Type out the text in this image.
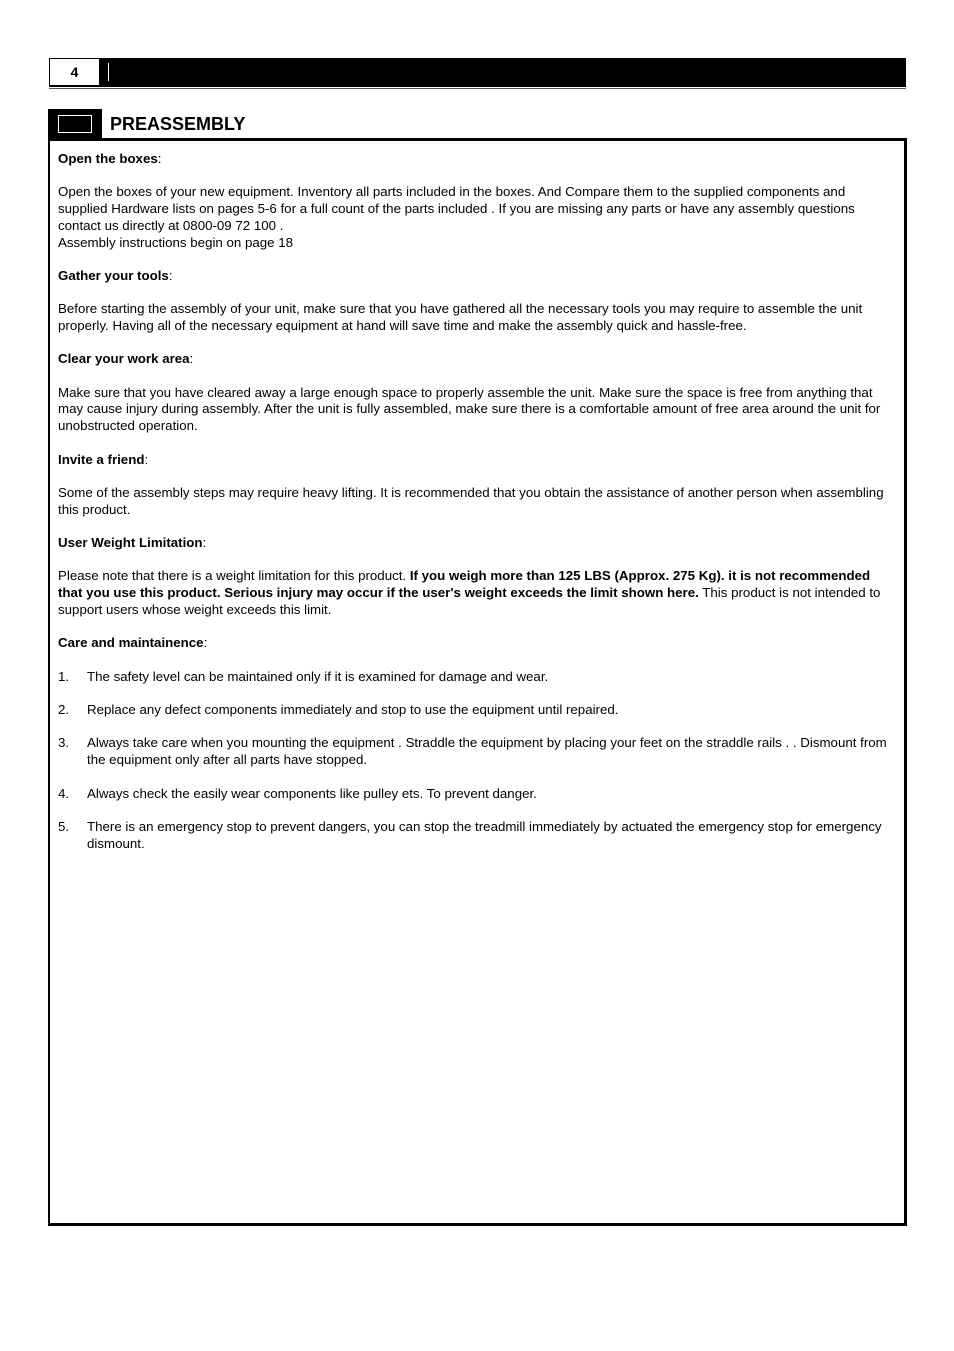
4
PREASSEMBLY

Open the boxes:

Open the boxes of your new equipment. Inventory all parts included in the boxes. And Compare them to the supplied components and supplied Hardware lists on pages 5-6 for a full count of the parts included . If you are missing any parts or have any assembly questions contact us directly at 0800-09 72 100 .
Assembly instructions begin on page 18

Gather your tools:

Before starting the assembly of your unit, make sure that you have gathered all the necessary tools you may require to assemble the unit properly. Having all of the necessary equipment at hand will save time and make the assembly quick and hassle-free.

Clear your work area:

Make sure that you have cleared away a large enough space to properly assemble the unit. Make sure the space is free from anything that may cause injury during assembly. After the unit is fully assembled, make sure there is a comfortable amount of free area around the unit for unobstructed operation.

Invite a friend:

Some of the assembly steps may require heavy lifting. It is recommended that you obtain the assistance of another person when assembling this product.

User Weight Limitation:

Please note that there is a weight limitation for this product. If you weigh more than 125 LBS (Approx. 275 Kg). it is not recommended that you use this product. Serious injury may occur if the user's weight exceeds the limit shown here. This product is not intended to support users whose weight exceeds this limit.

Care and maintainence:

1. The safety level can be maintained only if it is examined for damage and wear.
2. Replace any defect components immediately and stop to use the equipment until repaired.
3. Always take care when you mounting the equipment . Straddle the equipment by placing your feet on the straddle rails . . Dismount from the equipment only after all parts have stopped.
4. Always check the easily wear components like pulley ets. To prevent danger.
5. There is an emergency stop to prevent dangers, you can stop the treadmill immediately by actuated the emergency stop for emergency dismount.
